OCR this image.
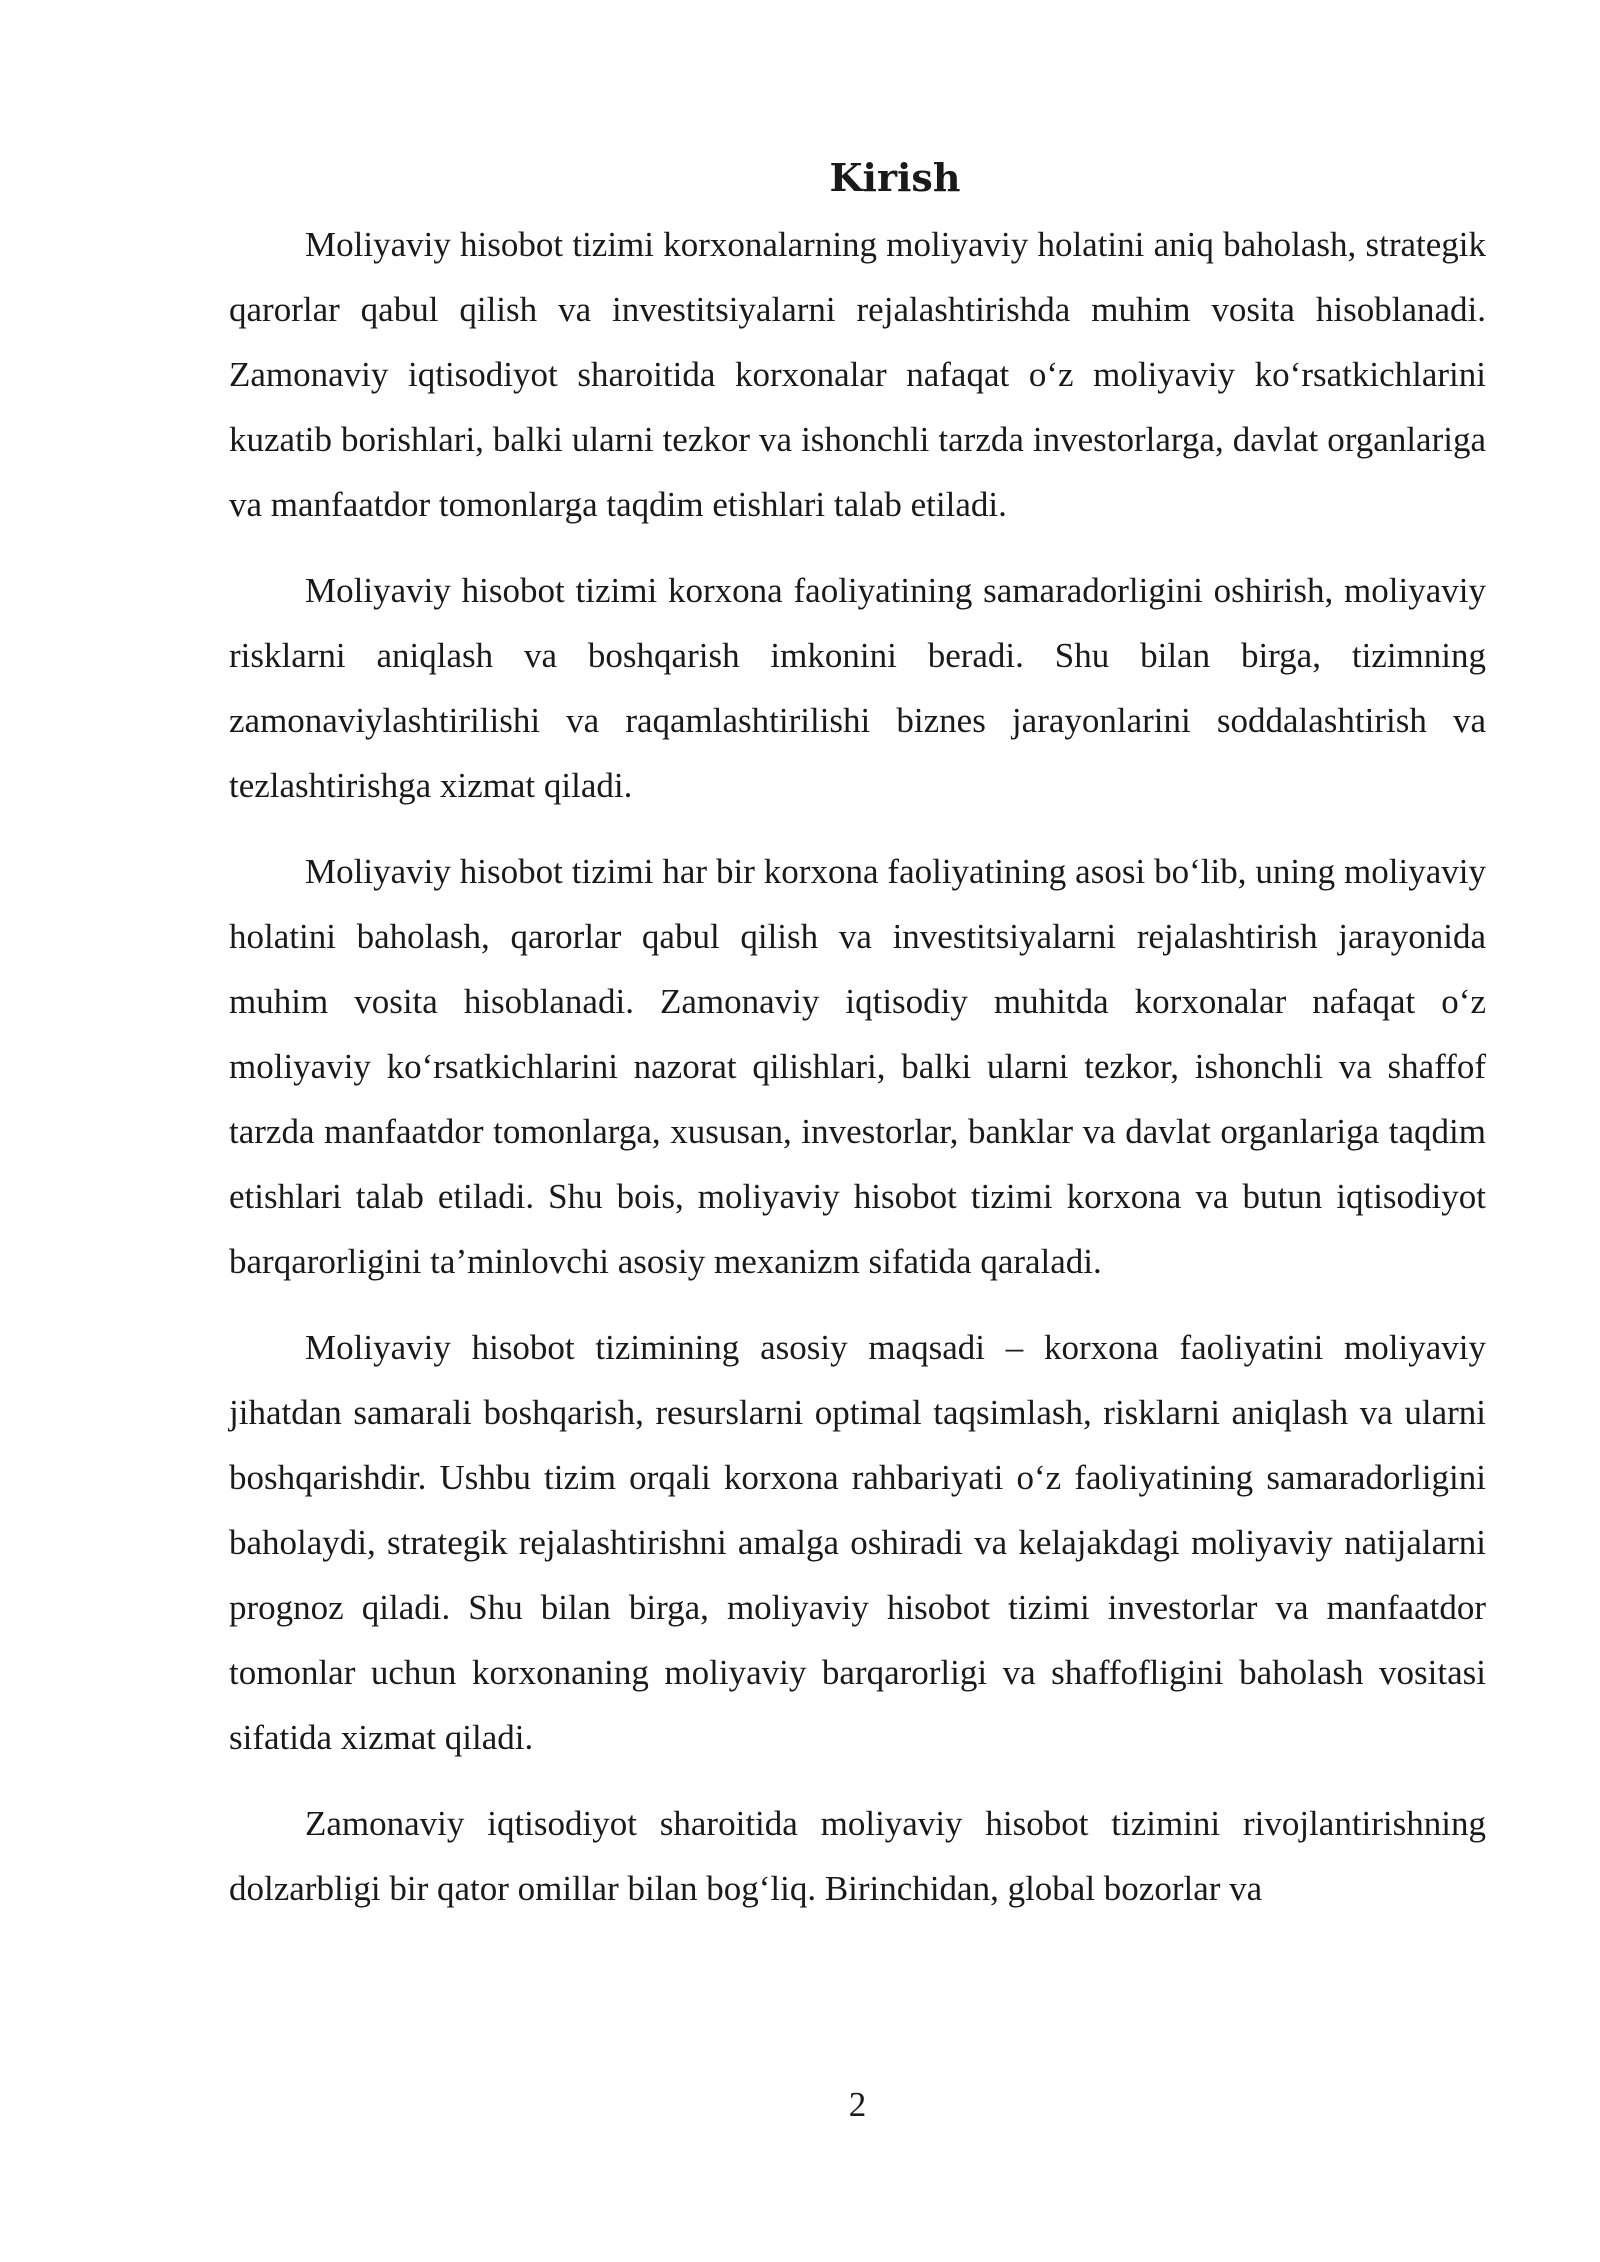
Kirish

Moliyaviy hisobot tizimi korxonalarning moliyaviy holatini aniq baholash, strategik qarorlar qabul qilish va investitsiyalarni rejalashtirishda muhim vosita hisoblanadi. Zamonaviy iqtisodiyot sharoitida korxonalar nafaqat o‘z moliyaviy ko‘rsatkichlarini kuzatib borishlari, balki ularni tezkor va ishonchli tarzda investorlarga, davlat organlariga va manfaatdor tomonlarga taqdim etishlari talab etiladi.

Moliyaviy hisobot tizimi korxona faoliyatining samaradorligini oshirish, moliyaviy risklarni aniqlash va boshqarish imkonini beradi. Shu bilan birga, tizimning zamonaviylashtirilishi va raqamlashtirilishi biznes jarayonlarini soddalashtirish va tezlashtirishga xizmat qiladi.

Moliyaviy hisobot tizimi har bir korxona faoliyatining asosi bo‘lib, uning moliyaviy holatini baholash, qarorlar qabul qilish va investitsiyalarni rejalashtirish jarayonida muhim vosita hisoblanadi. Zamonaviy iqtisodiy muhitda korxonalar nafaqat o‘z moliyaviy ko‘rsatkichlarini nazorat qilishlari, balki ularni tezkor, ishonchli va shaffof tarzda manfaatdor tomonlarga, xususan, investorlar, banklar va davlat organlariga taqdim etishlari talab etiladi. Shu bois, moliyaviy hisobot tizimi korxona va butun iqtisodiyot barqarorligini ta’minlovchi asosiy mexanizm sifatida qaraladi.

Moliyaviy hisobot tizimining asosiy maqsadi – korxona faoliyatini moliyaviy jihatdan samarali boshqarish, resurslarni optimal taqsimlash, risklarni aniqlash va ularni boshqarishdir. Ushbu tizim orqali korxona rahbariyati o‘z faoliyatining samaradorligini baholaydi, strategik rejalashtirishni amalga oshiradi va kelajakdagi moliyaviy natijalarni prognoz qiladi. Shu bilan birga, moliyaviy hisobot tizimi investorlar va manfaatdor tomonlar uchun korxonaning moliyaviy barqarorligi va shaffofligini baholash vositasi sifatida xizmat qiladi.

Zamonaviy iqtisodiyot sharoitida moliyaviy hisobot tizimini rivojlantirishning dolzarbligi bir qator omillar bilan bog‘liq. Birinchidan, global bozorlar va

2
